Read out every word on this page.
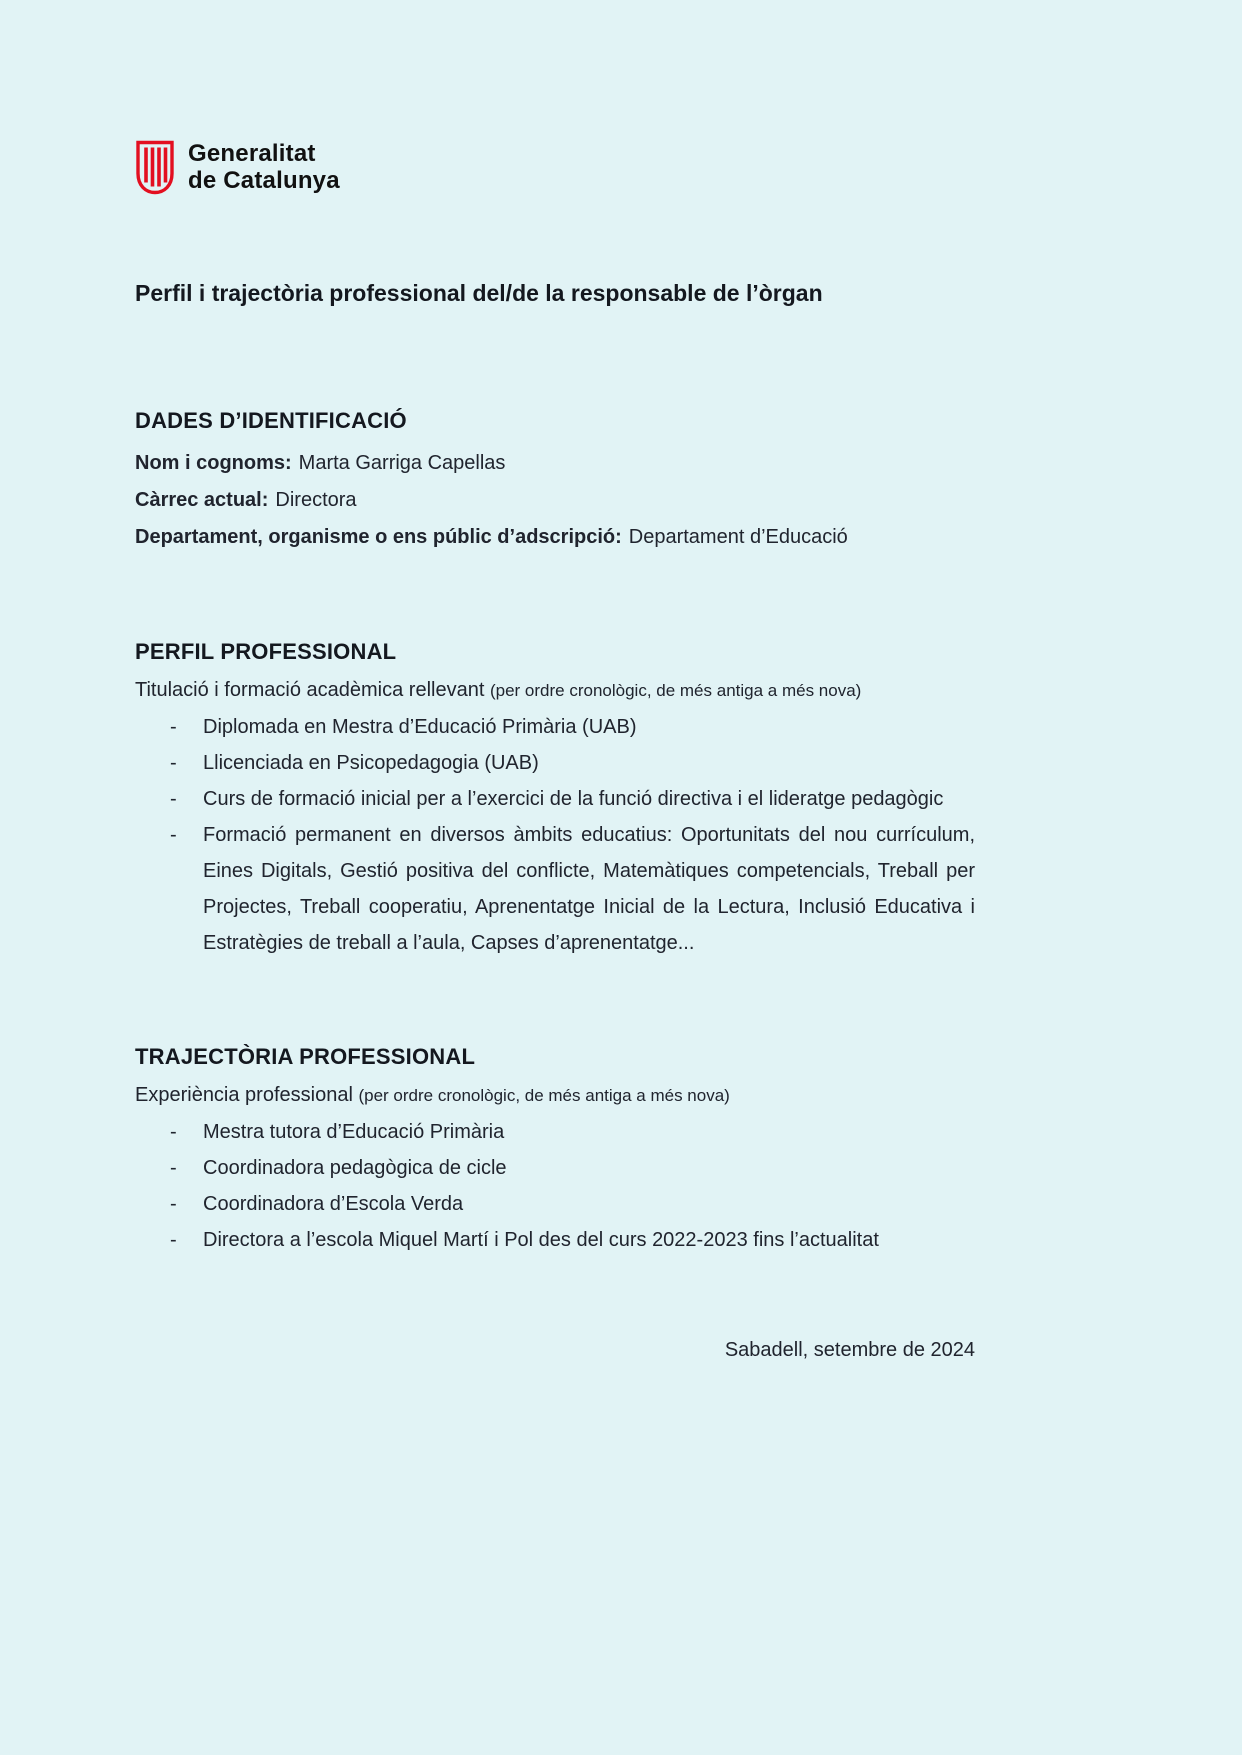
Generalitat
de Catalunya
Perfil i trajectòria professional del/de la responsable de l’òrgan
DADES D’IDENTIFICACIÓ

Nom i cognoms: Marta Garriga Capellas

Càrrec actual: Directora

Departament, organisme o ens públic d’adscripció: Departament d’Educació

PERFIL PROFESSIONAL

Titulació i formació acadèmica rellevant (per ordre cronològic, de més antiga a més nova)

-	Diplomada en Mestra d’Educació Primària (UAB)
-	Llicenciada en Psicopedagogia (UAB)
-	Curs de formació inicial per a l’exercici de la funció directiva i el lideratge pedagògic
-	Formació permanent en diversos àmbits educatius: Oportunitats del nou currículum, Eines Digitals, Gestió positiva del conflicte, Matemàtiques competencials, Treball per Projectes, Treball cooperatiu, Aprenentatge Inicial de la Lectura, Inclusió Educativa i Estratègies de treball a l’aula, Capses d’aprenentatge...
TRAJECTÒRIA PROFESSIONAL

Experiència professional (per ordre cronològic, de més antiga a més nova)

-	Mestra tutora d’Educació Primària
-	Coordinadora pedagògica de cicle
-	Coordinadora d’Escola Verda
-	Directora a l’escola Miquel Martí i Pol des del curs 2022-2023 fins l’actualitat

Sabadell, setembre de 2024
